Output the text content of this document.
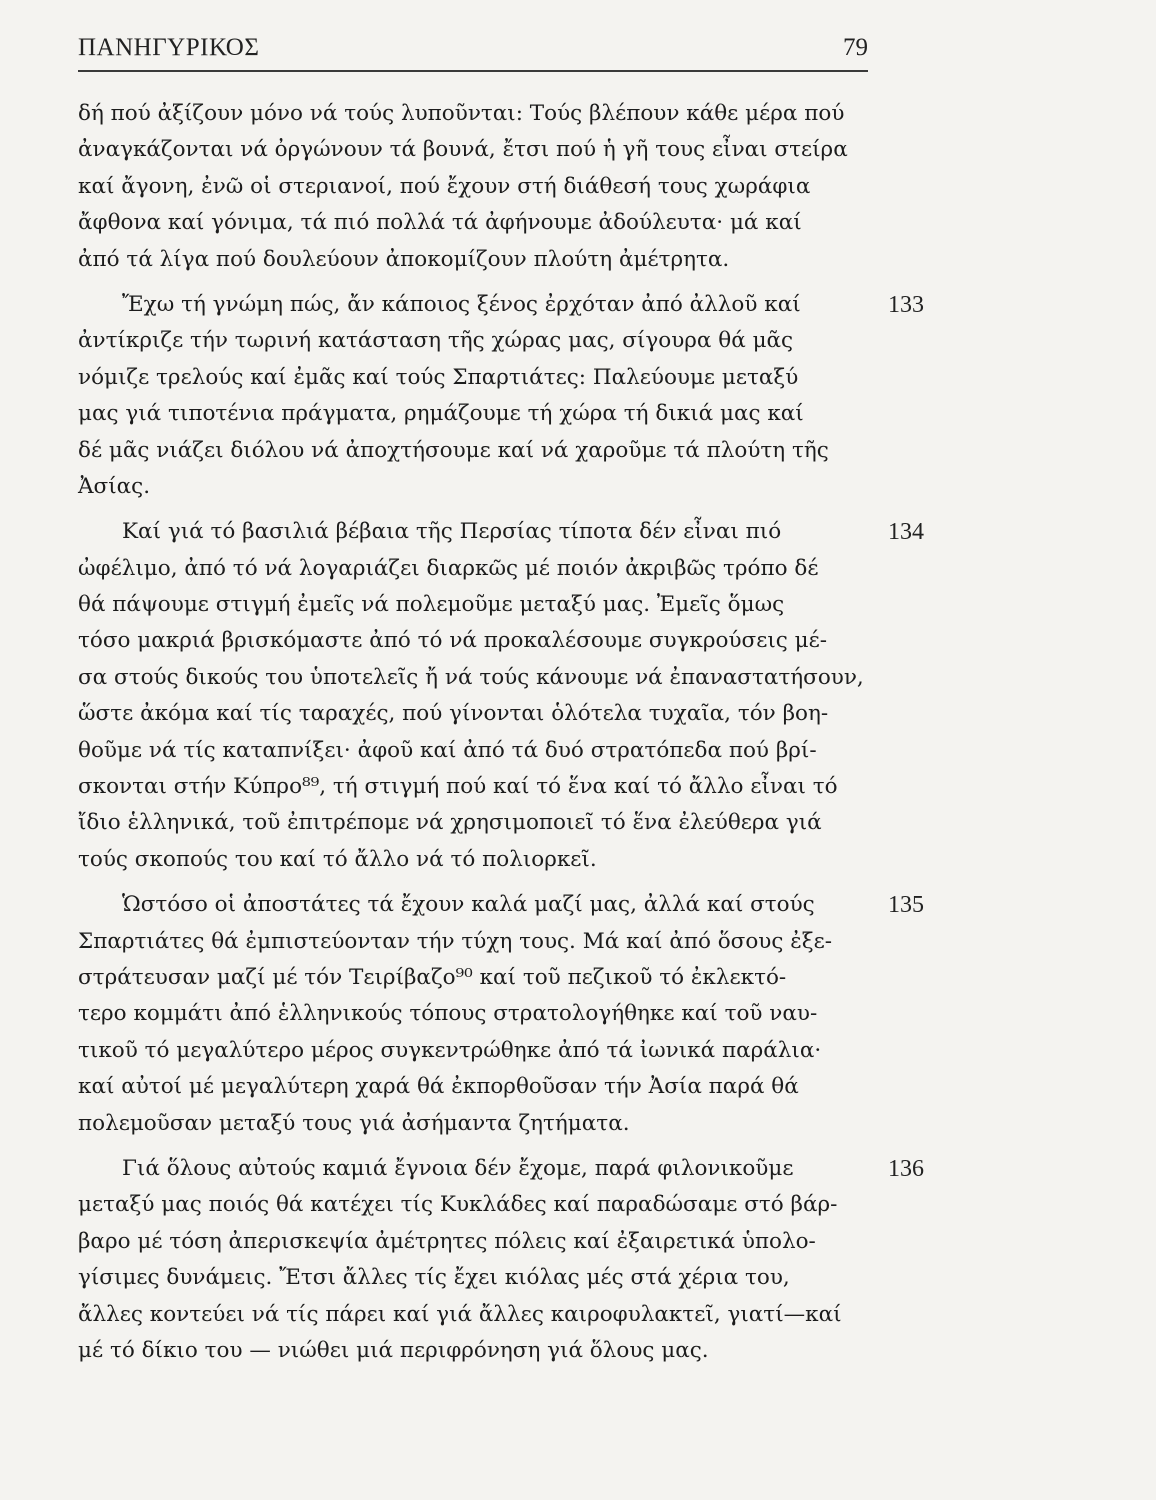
ΠΑΝΗΓΥΡΙΚΟΣ	79
δή πού ἀξίζουν μόνο νά τούς λυποῦνται: Τούς βλέπουν κάθε μέρα πού
ἀναγκάζονται νά ὀργώνουν τά βουνά, ἔτσι πού ἡ γῆ τους εἶναι στείρα
καί ἄγονη, ἐνῶ οἱ στεριανοί, πού ἔχουν στή διάθεσή τους χωράφια
ἄφθονα καί γόνιμα, τά πιό πολλά τά ἀφήνουμε ἀδούλευτα· μά καί
ἀπό τά λίγα πού δουλεύουν ἀποκομίζουν πλούτη ἀμέτρητα.
133
Ἔχω τή γνώμη πώς, ἄν κάποιος ξένος ἐρχόταν ἀπό ἀλλοῦ καί
ἀντίκριζε τήν τωρινή κατάσταση τῆς χώρας μας, σίγουρα θά μᾶς
νόμιζε τρελούς καί ἐμᾶς καί τούς Σπαρτιάτες: Παλεύουμε μεταξύ
μας γιά τιποτένια πράγματα, ρημάζουμε τή χώρα τή δικιά μας καί
δέ μᾶς νιάζει διόλου νά ἀποχτήσουμε καί νά χαροῦμε τά πλούτη τῆς
Ἀσίας.
134
Καί γιά τό βασιλιά βέβαια τῆς Περσίας τίποτα δέν εἶναι πιό
ὠφέλιμο, ἀπό τό νά λογαριάζει διαρκῶς μέ ποιόν ἀκριβῶς τρόπο δέ
θά πάψουμε στιγμή ἐμεῖς νά πολεμοῦμε μεταξύ μας. Ἐμεῖς ὅμως
τόσο μακριά βρισκόμαστε ἀπό τό νά προκαλέσουμε συγκρούσεις μέ-
σα στούς δικούς του ὑποτελεῖς ἤ νά τούς κάνουμε νά ἐπαναστατήσουν,
ὥστε ἀκόμα καί τίς ταραχές, πού γίνονται ὁλότελα τυχαῖα, τόν βοη-
θοῦμε νά τίς καταπνίξει· ἀφοῦ καί ἀπό τά δυό στρατόπεδα πού βρί-
σκονται στήν Κύπρο⁸⁹, τή στιγμή πού καί τό ἕνα καί τό ἄλλο εἶναι τό
ἴδιο ἑλληνικά, τοῦ ἐπιτρέπομε νά χρησιμοποιεῖ τό ἕνα ἐλεύθερα γιά
τούς σκοπούς του καί τό ἄλλο νά τό πολιορκεῖ.
135
Ὡστόσο οἱ ἀποστάτες τά ἔχουν καλά μαζί μας, ἀλλά καί στούς
Σπαρτιάτες θά ἐμπιστεύονταν τήν τύχη τους. Μά καί ἀπό ὅσους ἐξε-
στράτευσαν μαζί μέ τόν Τειρίβαζο⁹⁰ καί τοῦ πεζικοῦ τό ἐκλεκτό-
τερο κομμάτι ἀπό ἑλληνικούς τόπους στρατολογήθηκε καί τοῦ ναυ-
τικοῦ τό μεγαλύτερο μέρος συγκεντρώθηκε ἀπό τά ἰωνικά παράλια·
καί αὐτοί μέ μεγαλύτερη χαρά θά ἐκπορθοῦσαν τήν Ἀσία παρά θά
πολεμοῦσαν μεταξύ τους γιά ἀσήμαντα ζητήματα.
136
Γιά ὅλους αὐτούς καμιά ἔγνοια δέν ἔχομε, παρά φιλονικοῦμε
μεταξύ μας ποιός θά κατέχει τίς Κυκλάδες καί παραδώσαμε στό βάρ-
βαρο μέ τόση ἀπερισκεψία ἀμέτρητες πόλεις καί ἐξαιρετικά ὑπολο-
γίσιμες δυνάμεις. Ἔτσι ἄλλες τίς ἔχει κιόλας μές στά χέρια του,
ἄλλες κοντεύει νά τίς πάρει καί γιά ἄλλες καιροφυλακτεῖ, γιατί—καί
μέ τό δίκιο του — νιώθει μιά περιφρόνηση γιά ὅλους μας.
